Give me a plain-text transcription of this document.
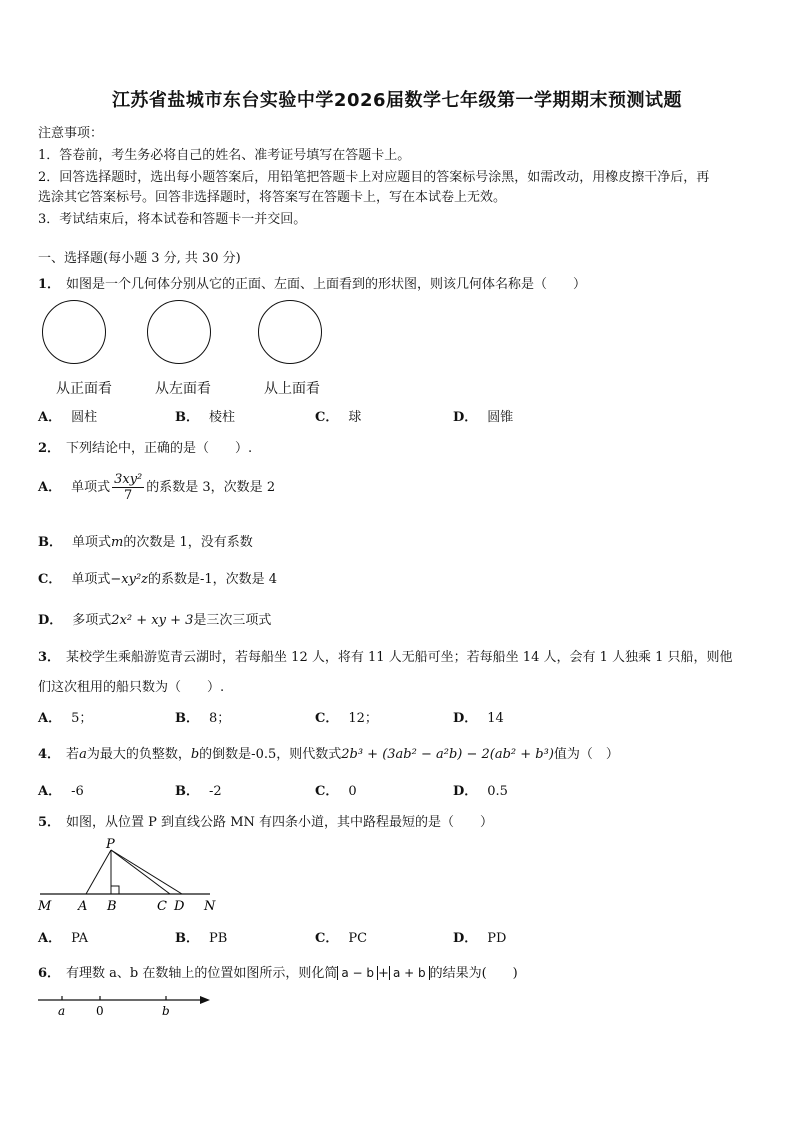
江苏省盐城市东台实验中学2026届数学七年级第一学期期末预测试题
注意事项：
1．答卷前，考生务必将自己的姓名、准考证号填写在答题卡上。
2．回答选择题时，选出每小题答案后，用铅笔把答题卡上对应题目的答案标号涂黑，如需改动，用橡皮擦干净后，再
选涂其它答案标号。回答非选择题时，将答案写在答题卡上，写在本试卷上无效。
3．考试结束后，将本试卷和答题卡一并交回。
一、选择题(每小题 3 分, 共 30 分)
1． 如图是一个几何体分别从它的正面、左面、上面看到的形状图，则该几何体名称是（　　）
从正面看	从左面看	从上面看
A． 圆柱	B． 棱柱	C． 球	D． 圆锥
2． 下列结论中，正确的是（　　）.
A． 单项式 $\frac{\text{3xy²}}{7}$ 的系数是 3，次数是 2
B． 单项式m的次数是 1，没有系数
C． 单项式−xy²z的系数是-1，次数是 4
D． 多项式2x² + xy + 3是三次三项式
3． 某校学生乘船游览青云湖时，若每船坐 12 人，将有 11 人无船可坐；若每船坐 14 人，会有 1 人独乘 1 只船，则他
们这次租用的船只数为（　　）.
A． 5；	B． 8；	C． 12；	D． 14
4． 若a为最大的负整数，b的倒数是-0.5，则代数式2b³ + (3ab² − a²b) − 2(ab² + b³)值为（　）
A． -6	B． -2	C． 0	D． 0.5
5． 如图，从位置 P 到直线公路 MN 有四条小道，其中路程最短的是（　　）
P
M A B	C D N
A． PA	B． PB	C． PC	D． PD
6． 有理数 a、b 在数轴上的位置如图所示，则化简 a − b + a + b 的结果为(　　)
a	0	b
